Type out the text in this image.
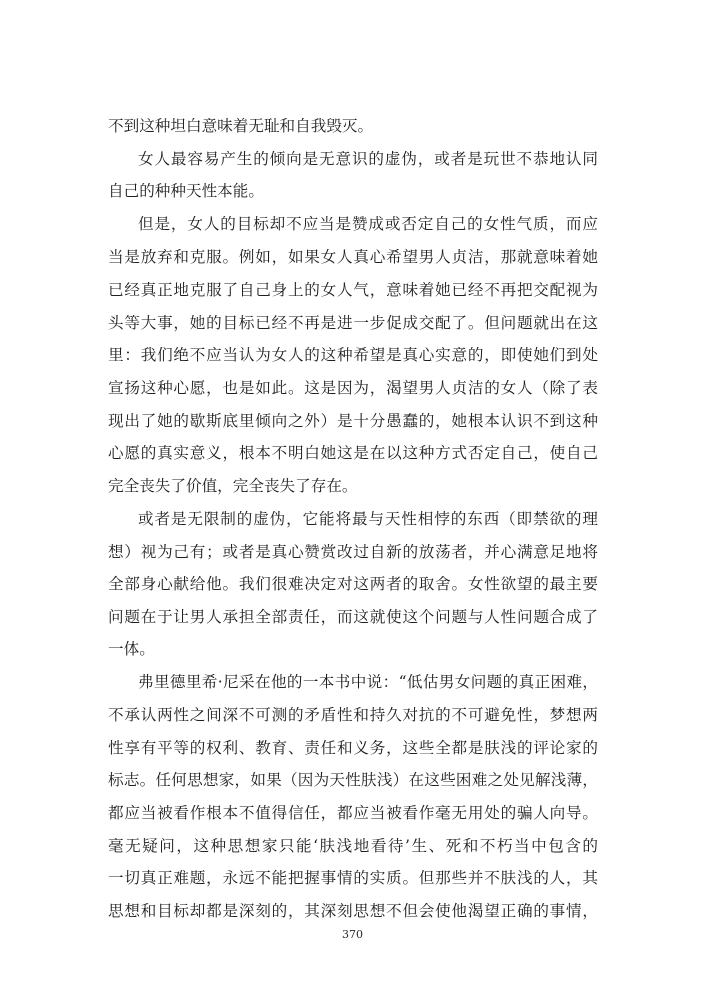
不到这种坦白意味着无耻和自我毁灭。
女人最容易产生的倾向是无意识的虚伪，或者是玩世不恭地认同
自己的种种天性本能。
但是，女人的目标却不应当是赞成或否定自己的女性气质，而应
当是放弃和克服。例如，如果女人真心希望男人贞洁，那就意味着她
已经真正地克服了自己身上的女人气，意味着她已经不再把交配视为
头等大事，她的目标已经不再是进一步促成交配了。但问题就出在这
里：我们绝不应当认为女人的这种希望是真心实意的，即使她们到处
宣扬这种心愿，也是如此。这是因为，渴望男人贞洁的女人（除了表
现出了她的歇斯底里倾向之外）是十分愚蠢的，她根本认识不到这种
心愿的真实意义，根本不明白她这是在以这种方式否定自己，使自己
完全丧失了价值，完全丧失了存在。
或者是无限制的虚伪，它能将最与天性相悖的东西（即禁欲的理
想）视为己有；或者是真心赞赏改过自新的放荡者，并心满意足地将
全部身心献给他。我们很难决定对这两者的取舍。女性欲望的最主要
问题在于让男人承担全部责任，而这就使这个问题与人性问题合成了
一体。
弗里德里希·尼采在他的一本书中说：“低估男女问题的真正困难，
不承认两性之间深不可测的矛盾性和持久对抗的不可避免性，梦想两
性享有平等的权利、教育、责任和义务，这些全都是肤浅的评论家的
标志。任何思想家，如果（因为天性肤浅）在这些困难之处见解浅薄，
都应当被看作根本不值得信任，都应当被看作毫无用处的骗人向导。
毫无疑问，这种思想家只能‘肤浅地看待’生、死和不朽当中包含的
一切真正难题，永远不能把握事情的实质。但那些并不肤浅的人，其
思想和目标却都是深刻的，其深刻思想不但会使他渴望正确的事情，
370
